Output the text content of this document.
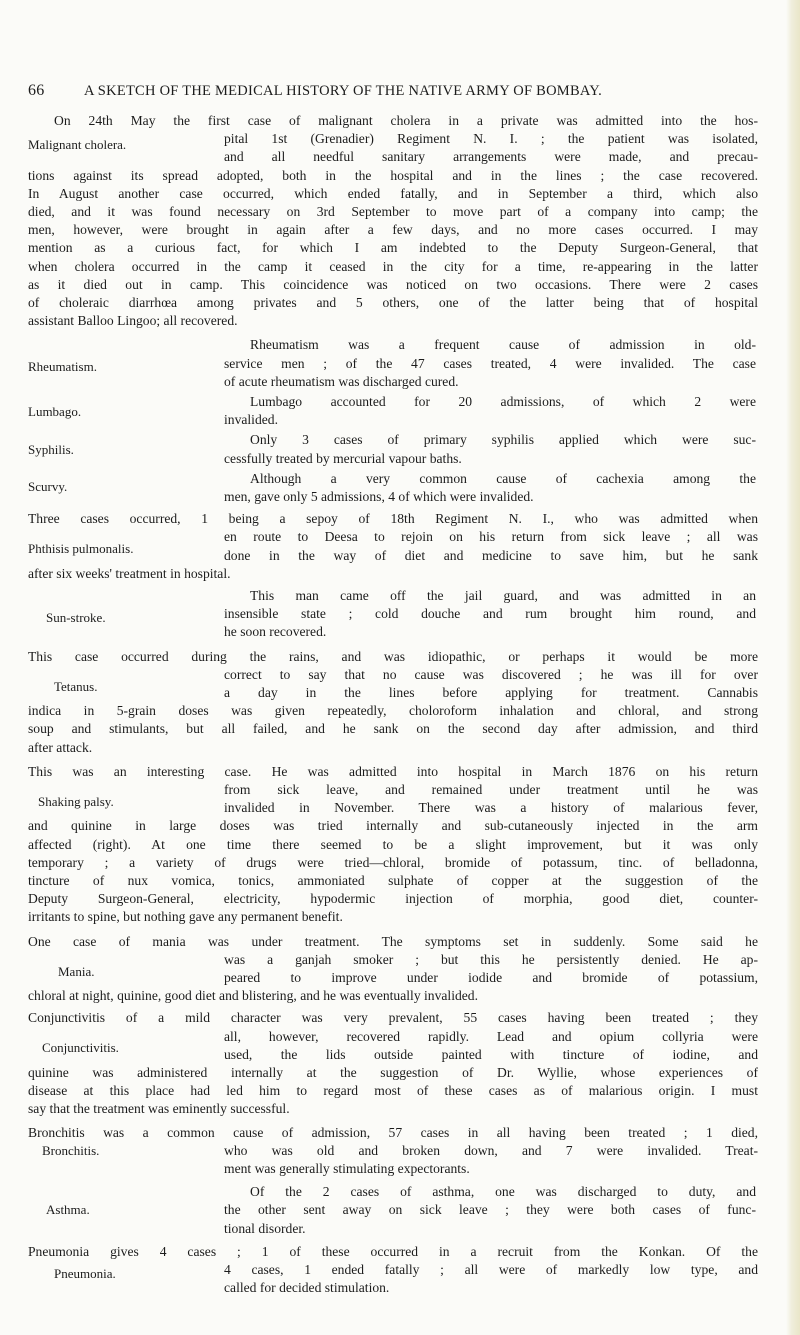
66	A SKETCH OF THE MEDICAL HISTORY OF THE NATIVE ARMY OF BOMBAY.
Malignant cholera.
On 24th May the first case of malignant cholera in a private was admitted into the hos-
pital 1st (Grenadier) Regiment N. I. ; the patient was isolated,
and all needful sanitary arrangements were made, and precau-
tions against its spread adopted, both in the hospital and in the lines ; the case recovered.
In August another case occurred, which ended fatally, and in September a third, which also
died, and it was found necessary on 3rd September to move part of a company into camp; the
men, however, were brought in again after a few days, and no more cases occurred. I may
mention as a curious fact, for which I am indebted to the Deputy Surgeon-General, that
when cholera occurred in the camp it ceased in the city for a time, re-appearing in the latter
as it died out in camp. This coincidence was noticed on two occasions. There were 2 cases
of choleraic diarrhœa among privates and 5 others, one of the latter being that of hospital
assistant Balloo Lingoo; all recovered.
Rheumatism.
Rheumatism was a frequent cause of admission in old-
service men ; of the 47 cases treated, 4 were invalided. The case
of acute rheumatism was discharged cured.
Lumbago.
Lumbago accounted for 20 admissions, of which 2 were
invalided.
Syphilis.
Only 3 cases of primary syphilis applied which were suc-
cessfully treated by mercurial vapour baths.
Scurvy.
Although a very common cause of cachexia among the
men, gave only 5 admissions, 4 of which were invalided.
Phthisis pulmonalis.
Three cases occurred, 1 being a sepoy of 18th Regiment N. I., who was admitted when
en route to Deesa to rejoin on his return from sick leave ; all was
done in the way of diet and medicine to save him, but he sank
after six weeks' treatment in hospital.
Sun-stroke.
This man came off the jail guard, and was admitted in an
insensible state ; cold douche and rum brought him round, and
he soon recovered.
Tetanus.
This case occurred during the rains, and was idiopathic, or perhaps it would be more
correct to say that no cause was discovered ; he was ill for over
a day in the lines before applying for treatment. Cannabis
indica in 5-grain doses was given repeatedly, choloroform inhalation and chloral, and strong
soup and stimulants, but all failed, and he sank on the second day after admission, and third
after attack.
Shaking palsy.
This was an interesting case. He was admitted into hospital in March 1876 on his return
from sick leave, and remained under treatment until he was
invalided in November. There was a history of malarious fever,
and quinine in large doses was tried internally and sub-cutaneously injected in the arm
affected (right). At one time there seemed to be a slight improvement, but it was only
temporary ; a variety of drugs were tried—chloral, bromide of potassum, tinc. of belladonna,
tincture of nux vomica, tonics, ammoniated sulphate of copper at the suggestion of the
Deputy Surgeon-General, electricity, hypodermic injection of morphia, good diet, counter-
irritants to spine, but nothing gave any permanent benefit.
Mania.
One case of mania was under treatment. The symptoms set in suddenly. Some said he
was a ganjah smoker ; but this he persistently denied. He ap-
peared to improve under iodide and bromide of potassium,
chloral at night, quinine, good diet and blistering, and he was eventually invalided.
Conjunctivitis.
Conjunctivitis of a mild character was very prevalent, 55 cases having been treated ; they
all, however, recovered rapidly. Lead and opium collyria were
used, the lids outside painted with tincture of iodine, and
quinine was administered internally at the suggestion of Dr. Wyllie, whose experiences of
disease at this place had led him to regard most of these cases as of malarious origin. I must
say that the treatment was eminently successful.
Bronchitis.
Bronchitis was a common cause of admission, 57 cases in all having been treated ; 1 died,
who was old and broken down, and 7 were invalided. Treat-
ment was generally stimulating expectorants.
Asthma.
Of the 2 cases of asthma, one was discharged to duty, and
the other sent away on sick leave ; they were both cases of func-
tional disorder.
Pneumonia.
Pneumonia gives 4 cases ; 1 of these occurred in a recruit from the Konkan. Of the
4 cases, 1 ended fatally ; all were of markedly low type, and
called for decided stimulation.
